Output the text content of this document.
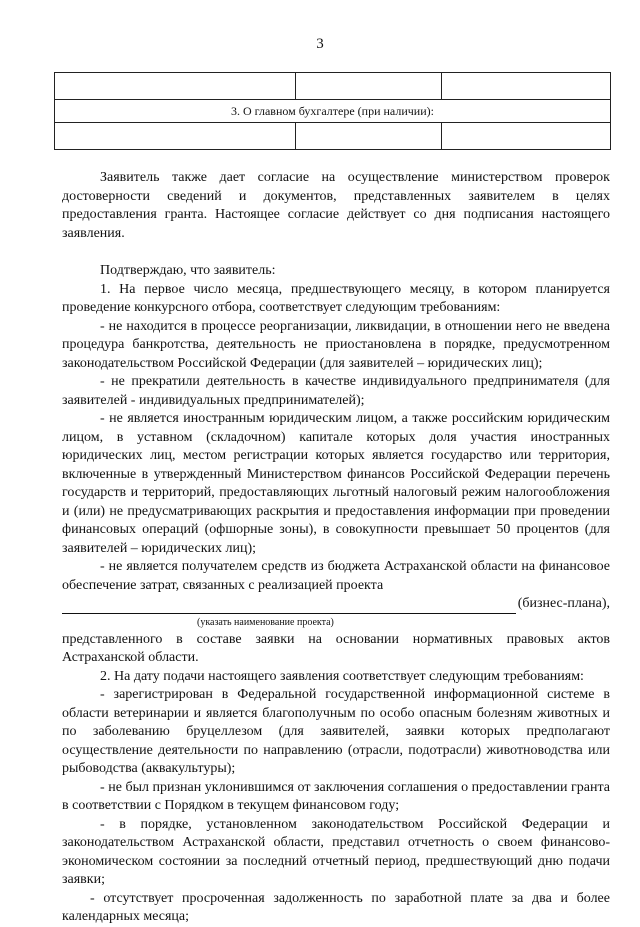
3

3. О главном бухгалтере (при наличии):		

Заявитель также дает согласие на осуществление министерством проверок достоверности сведений и документов, представленных заявителем в целях предоставления гранта. Настоящее согласие действует со дня подписания настоящего заявления.

Подтверждаю, что заявитель:

1. На первое число месяца, предшествующего месяцу, в котором планируется проведение конкурсного отбора, соответствует следующим требованиям:

- не находится в процессе реорганизации, ликвидации, в отношении него не введена процедура банкротства, деятельность не приостановлена в порядке, предусмотренном законодательством Российской Федерации (для заявителей – юридических лиц);

- не прекратили деятельность в качестве индивидуального предпринимателя (для заявителей - индивидуальных предпринимателей);

- не является иностранным юридическим лицом, а также российским юридическим лицом, в уставном (складочном) капитале которых доля участия иностранных юридических лиц, местом регистрации которых является государство или территория, включенные в утвержденный Министерством финансов Российской Федерации перечень государств и территорий, предоставляющих льготный налоговый режим налогообложения и (или) не предусматривающих раскрытия и предоставления информации при проведении финансовых операций (офшорные зоны), в совокупности превышает 50 процентов (для заявителей – юридических лиц);

- не является получателем средств из бюджета Астраханской области на финансовое обеспечение затрат, связанных с реализацией проекта

(бизнес-плана),
(указать наименование проекта)

представленного в составе заявки на основании нормативных правовых актов Астраханской области.

2. На дату подачи настоящего заявления соответствует следующим требованиям:

- зарегистрирован в Федеральной государственной информационной системе в области ветеринарии и является благополучным по особо опасным болезням животных и по заболеванию бруцеллезом (для заявителей, заявки которых предполагают осуществление деятельности по направлению (отрасли, подотрасли) животноводства или рыбоводства (аквакультуры);

- не был признан уклонившимся от заключения соглашения о предоставлении гранта в соответствии с Порядком в текущем финансовом году;

- в порядке, установленном законодательством Российской Федерации и законодательством Астраханской области, представил отчетность о своем финансово-экономическом состоянии за последний отчетный период, предшествующий дню подачи заявки;

- отсутствует просроченная задолженность по заработной плате за два и более календарных месяца;
